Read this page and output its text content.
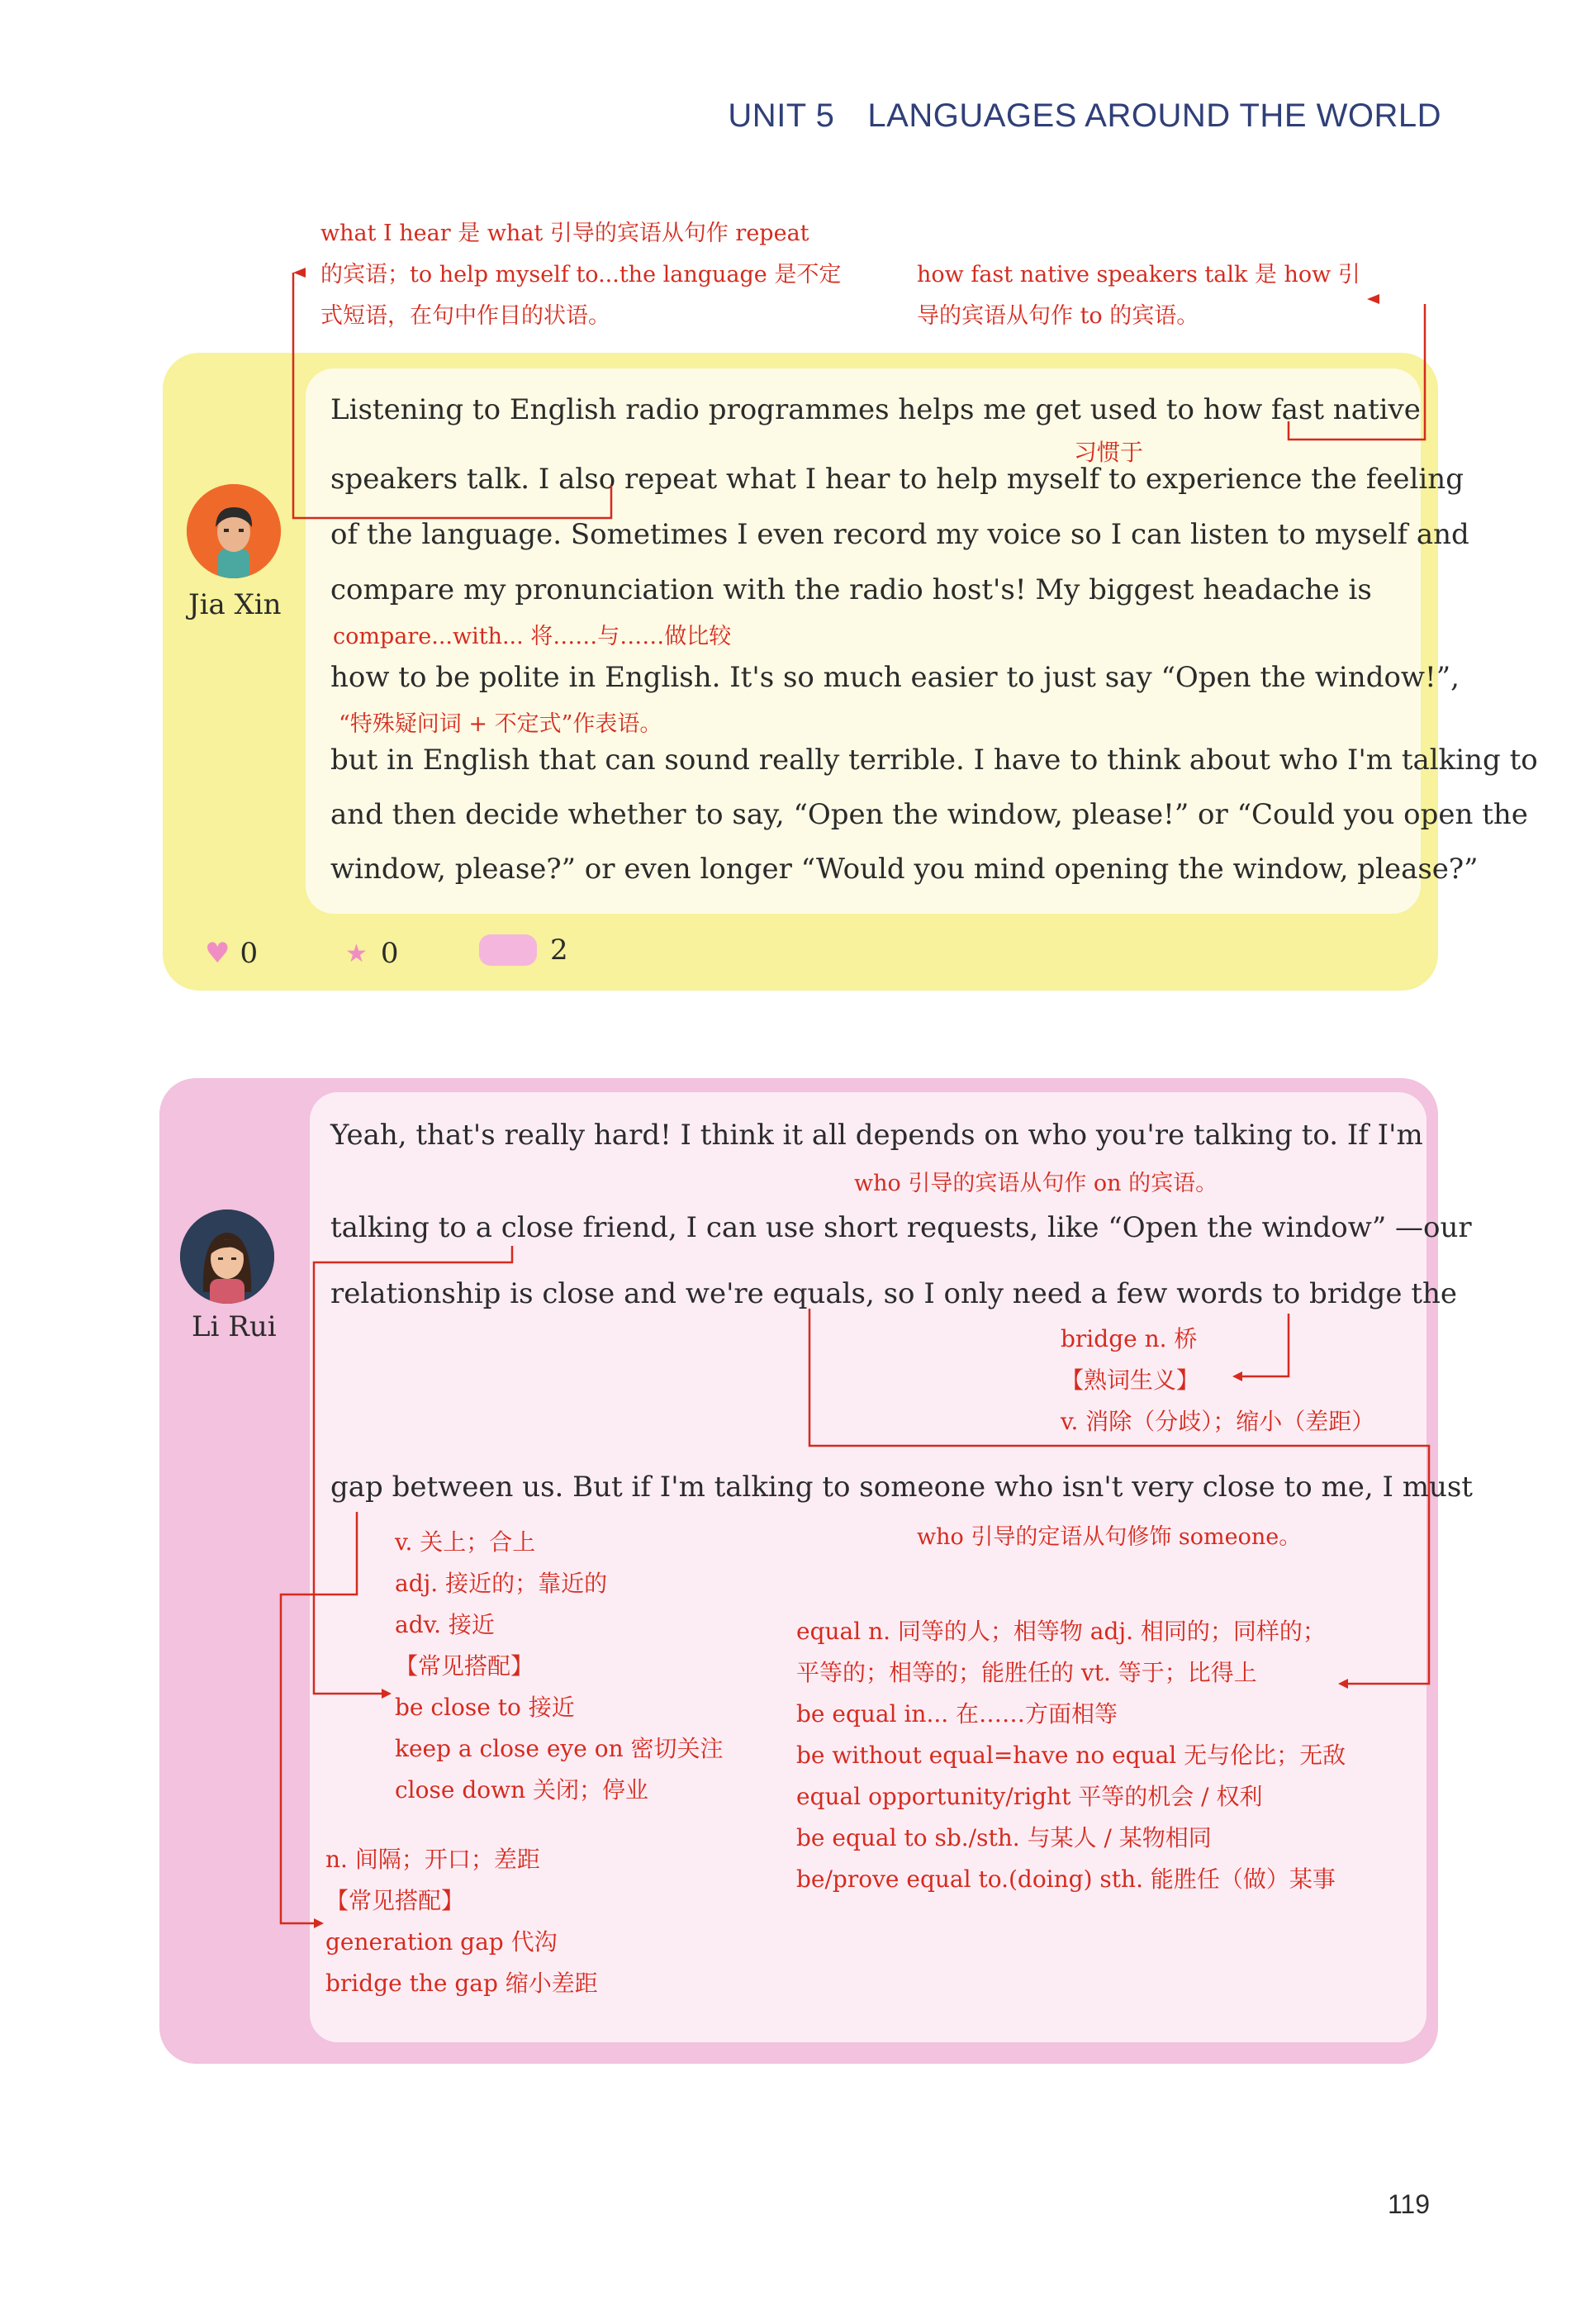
UNIT 5 LANGUAGES AROUND THE WORLD
what I hear 是 what 引导的宾语从句作 repeat
的宾语；to help myself to...the language 是不定
式短语，在句中作目的状语。
how fast native speakers talk 是 how 引
导的宾语从句作 to 的宾语。
Jia Xin
Listening to English radio programmes helps me get used to how fast native
习惯于
speakers talk. I also repeat what I hear to help myself to experience the feeling
of the language. Sometimes I even record my voice so I can listen to myself and
compare my pronunciation with the radio host's! My biggest headache is
compare...with... 将……与……做比较
how to be polite in English. It's so much easier to just say “Open the window!”,
“特殊疑问词 + 不定式”作表语。
but in English that can sound really terrible. I have to think about who I'm talking to
and then decide whether to say, “Open the window, please!” or “Could you open the
window, please?” or even longer “Would you mind opening the window, please?”
♥ 0	★ 0	2
Li Rui
Yeah, that's really hard! I think it all depends on who you're talking to. If I'm
who 引导的宾语从句作 on 的宾语。
talking to a close friend, I can use short requests, like “Open the window” —our
relationship is close and we're equals, so I only need a few words to bridge the
bridge n. 桥
【熟词生义】
v. 消除（分歧）；缩小（差距）
gap between us. But if I'm talking to someone who isn't very close to me, I must
who 引导的定语从句修饰 someone。
v. 关上；合上
adj. 接近的；靠近的
adv. 接近
【常见搭配】
be close to 接近
keep a close eye on 密切关注
close down 关闭；停业
n. 间隔；开口；差距
【常见搭配】
generation gap 代沟
bridge the gap 缩小差距
equal n. 同等的人；相等物 adj. 相同的；同样的；
平等的；相等的；能胜任的 vt. 等于；比得上
be equal in... 在……方面相等
be without equal=have no equal 无与伦比；无敌
equal opportunity/right 平等的机会 / 权利
be equal to sb./sth. 与某人 / 某物相同
be/prove equal to.(doing) sth. 能胜任（做）某事
119
